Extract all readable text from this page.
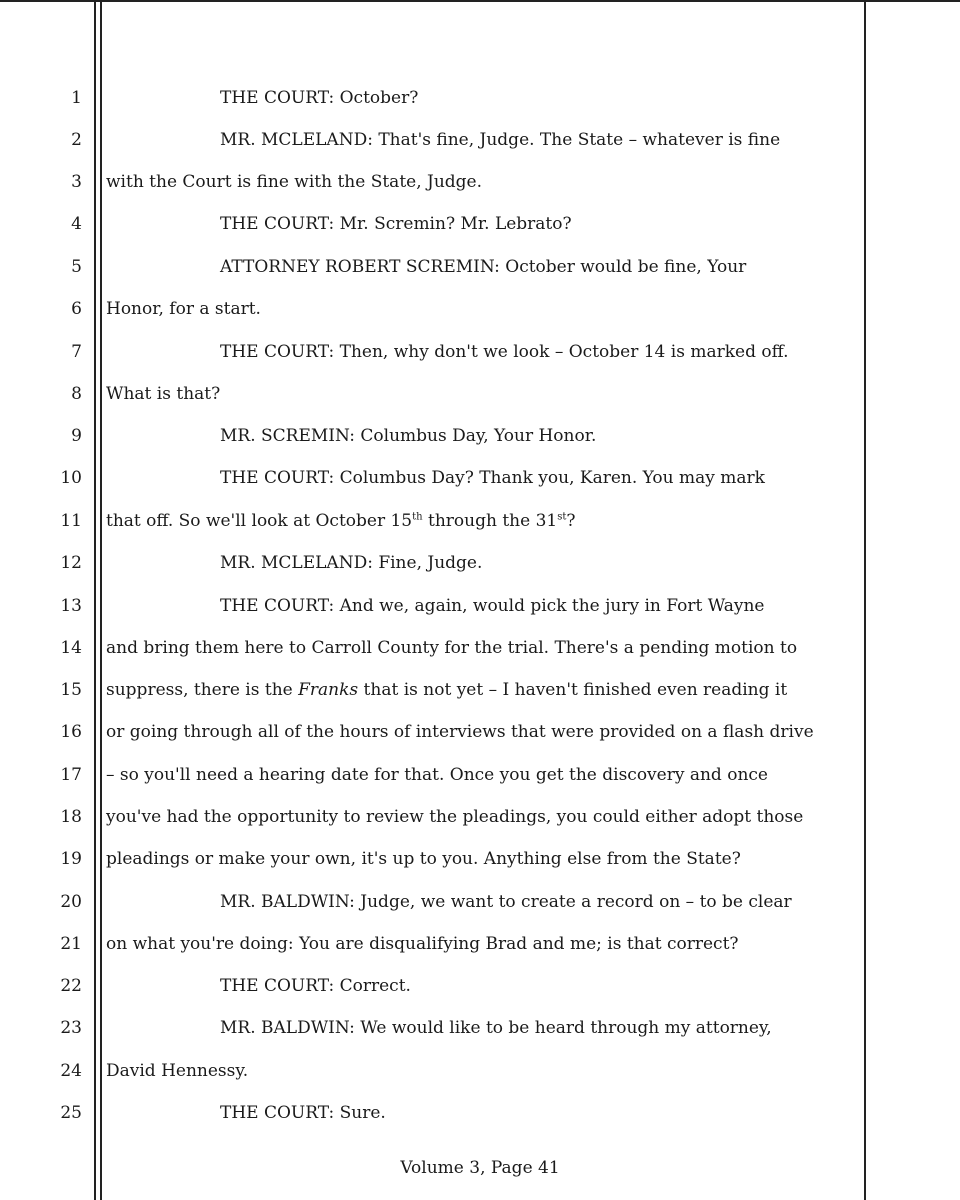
1
2
3
4
5
6
7
8
9
10
11
12
13
14
15
16
17
18
19
20
21
22
23
24
25
THE COURT: October?
MR. MCLELAND: That's fine, Judge. The State – whatever is fine
with the Court is fine with the State, Judge.
THE COURT: Mr. Scremin? Mr. Lebrato?
ATTORNEY ROBERT SCREMIN: October would be fine, Your
Honor, for a start.
THE COURT: Then, why don't we look – October 14 is marked off.
What is that?
MR. SCREMIN: Columbus Day, Your Honor.
THE COURT: Columbus Day? Thank you, Karen. You may mark
that off. So we'll look at October 15th through the 31st?
MR. MCLELAND: Fine, Judge.
THE COURT: And we, again, would pick the jury in Fort Wayne
and bring them here to Carroll County for the trial. There's a pending motion to
suppress, there is the Franks that is not yet – I haven't finished even reading it
or going through all of the hours of interviews that were provided on a flash drive
– so you'll need a hearing date for that. Once you get the discovery and once
you've had the opportunity to review the pleadings, you could either adopt those
pleadings or make your own, it's up to you. Anything else from the State?
MR. BALDWIN: Judge, we want to create a record on – to be clear
on what you're doing: You are disqualifying Brad and me; is that correct?
THE COURT: Correct.
MR. BALDWIN: We would like to be heard through my attorney,
David Hennessy.
THE COURT: Sure.
Volume 3, Page 41
